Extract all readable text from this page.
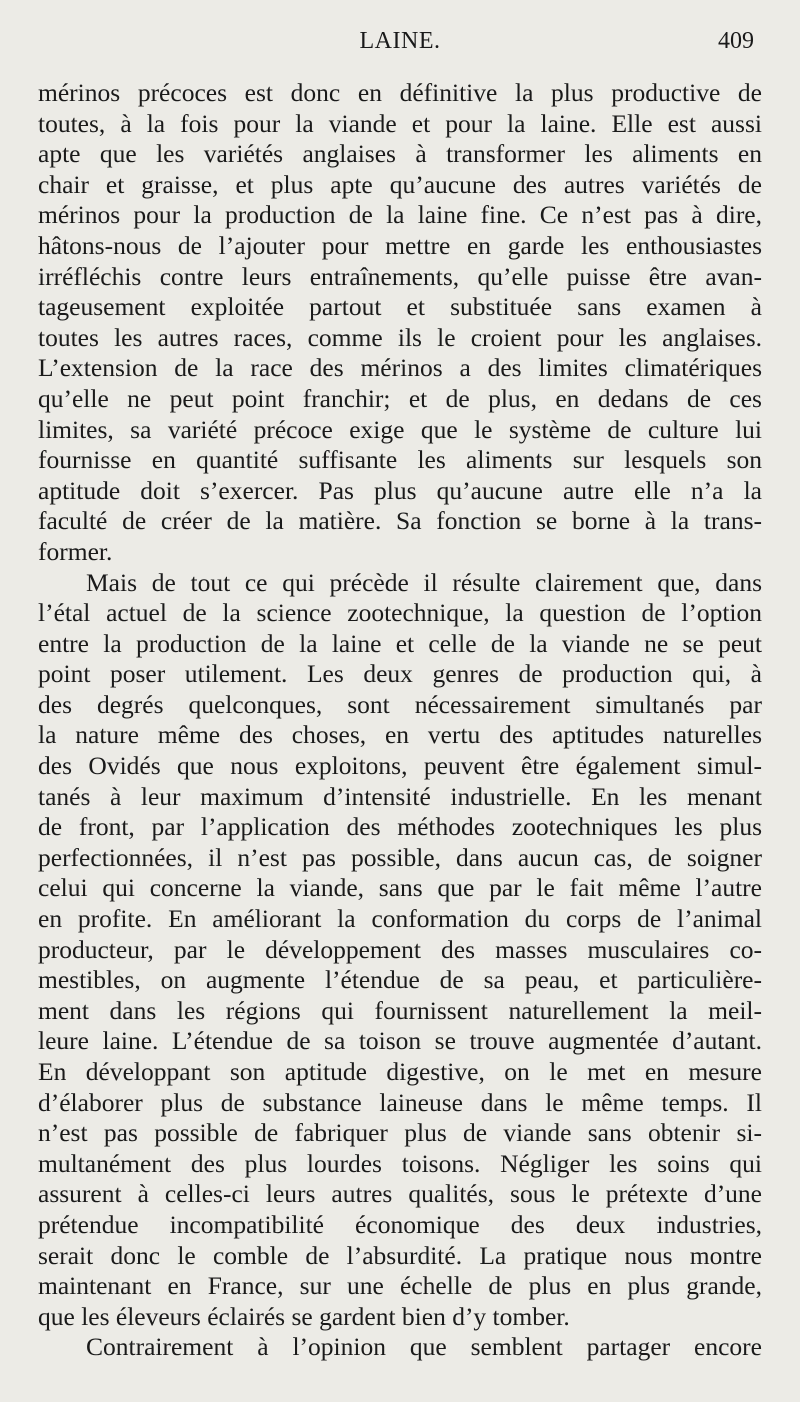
LAINE.	409
mérinos précoces est donc en définitive la plus productive de
toutes, à la fois pour la viande et pour la laine. Elle est aussi
apte que les variétés anglaises à transformer les aliments en
chair et graisse, et plus apte qu’aucune des autres variétés de
mérinos pour la production de la laine fine. Ce n’est pas à dire,
hâtons-nous de l’ajouter pour mettre en garde les enthousiastes
irréfléchis contre leurs entraînements, qu’elle puisse être avan-
tageusement exploitée partout et substituée sans examen à
toutes les autres races, comme ils le croient pour les anglaises.
L’extension de la race des mérinos a des limites climatériques
qu’elle ne peut point franchir; et de plus, en dedans de ces
limites, sa variété précoce exige que le système de culture lui
fournisse en quantité suffisante les aliments sur lesquels son
aptitude doit s’exercer. Pas plus qu’aucune autre elle n’a la
faculté de créer de la matière. Sa fonction se borne à la trans-
former.
Mais de tout ce qui précède il résulte clairement que, dans
l’étal actuel de la science zootechnique, la question de l’option
entre la production de la laine et celle de la viande ne se peut
point poser utilement. Les deux genres de production qui, à
des degrés quelconques, sont nécessairement simultanés par
la nature même des choses, en vertu des aptitudes naturelles
des Ovidés que nous exploitons, peuvent être également simul-
tanés à leur maximum d’intensité industrielle. En les menant
de front, par l’application des méthodes zootechniques les plus
perfectionnées, il n’est pas possible, dans aucun cas, de soigner
celui qui concerne la viande, sans que par le fait même l’autre
en profite. En améliorant la conformation du corps de l’animal
producteur, par le développement des masses musculaires co-
mestibles, on augmente l’étendue de sa peau, et particulière-
ment dans les régions qui fournissent naturellement la meil-
leure laine. L’étendue de sa toison se trouve augmentée d’autant.
En développant son aptitude digestive, on le met en mesure
d’élaborer plus de substance laineuse dans le même temps. Il
n’est pas possible de fabriquer plus de viande sans obtenir si-
multanément des plus lourdes toisons. Négliger les soins qui
assurent à celles-ci leurs autres qualités, sous le prétexte d’une
prétendue incompatibilité économique des deux industries,
serait donc le comble de l’absurdité. La pratique nous montre
maintenant en France, sur une échelle de plus en plus grande,
que les éleveurs éclairés se gardent bien d’y tomber.
Contrairement à l’opinion que semblent partager encore
